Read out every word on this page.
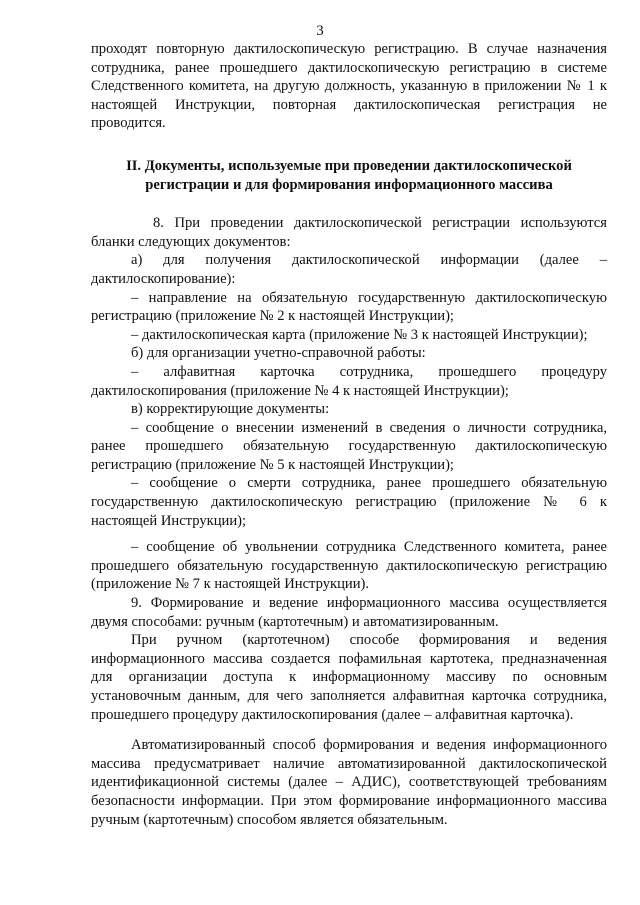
3

проходят повторную дактилоскопическую регистрацию. В случае назначения сотрудника, ранее прошедшего дактилоскопическую регистрацию в системе Следственного комитета, на другую должность, указанную в приложении № 1 к настоящей Инструкции, повторная дактилоскопическая регистрация не проводится.

II. Документы, используемые при проведении дактилоскопической регистрации и для формирования информационного массива

8. При проведении дактилоскопической регистрации используются бланки следующих документов:

а) для получения дактилоскопической информации (далее – дактилоскопирование):

– направление на обязательную государственную дактилоскопическую регистрацию (приложение № 2 к настоящей Инструкции);

– дактилоскопическая карта (приложение № 3 к настоящей Инструкции);

б) для организации учетно-справочной работы:

– алфавитная карточка сотрудника, прошедшего процедуру дактилоскопирования (приложение № 4 к настоящей Инструкции);

в) корректирующие документы:

– сообщение о внесении изменений в сведения о личности сотрудника, ранее прошедшего обязательную государственную дактилоскопическую регистрацию (приложение № 5 к настоящей Инструкции);

– сообщение о смерти сотрудника, ранее прошедшего обязательную государственную дактилоскопическую регистрацию (приложение № 6 к настоящей Инструкции);

– сообщение об увольнении сотрудника Следственного комитета, ранее прошедшего обязательную государственную дактилоскопическую регистрацию (приложение № 7 к настоящей Инструкции).

9. Формирование и ведение информационного массива осуществляется двумя способами: ручным (картотечным) и автоматизированным.

При ручном (картотечном) способе формирования и ведения информационного массива создается пофамильная картотека, предназначенная для организации доступа к информационному массиву по основным установочным данным, для чего заполняется алфавитная карточка сотрудника, прошедшего процедуру дактилоскопирования (далее – алфавитная карточка).

Автоматизированный способ формирования и ведения информационного массива предусматривает наличие автоматизированной дактилоскопической идентификационной системы (далее – АДИС), соответствующей требованиям безопасности информации. При этом формирование информационного массива ручным (картотечным) способом является обязательным.
